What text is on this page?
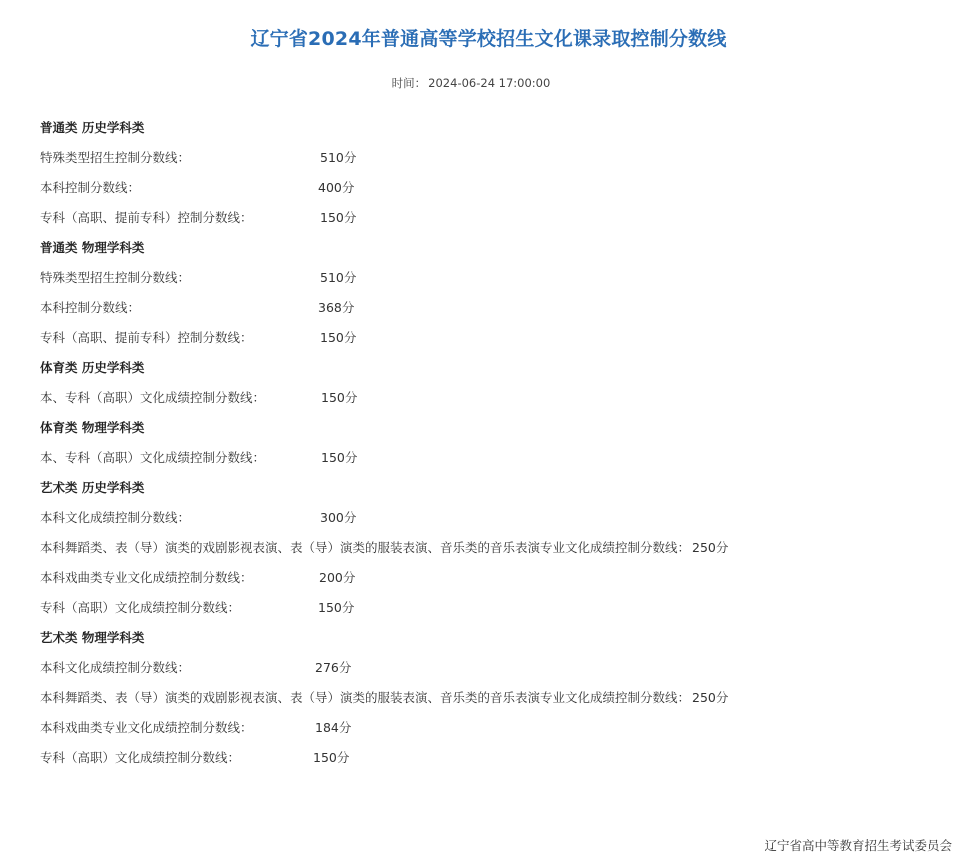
辽宁省2024年普通高等学校招生文化课录取控制分数线
时间： 2024-06-24 17:00:00
普通类 历史学科类
特殊类型招生控制分数线：	510分
本科控制分数线：	400分
专科（高职、提前专科）控制分数线：	150分
普通类 物理学科类
特殊类型招生控制分数线：	510分
本科控制分数线：	368分
专科（高职、提前专科）控制分数线：	150分
体育类 历史学科类
本、专科（高职）文化成绩控制分数线：	150分
体育类 物理学科类
本、专科（高职）文化成绩控制分数线：	150分
艺术类 历史学科类
本科文化成绩控制分数线：	300分
本科舞蹈类、表（导）演类的戏剧影视表演、表（导）演类的服装表演、音乐类的音乐表演专业文化成绩控制分数线： 250分
本科戏曲类专业文化成绩控制分数线：	200分
专科（高职）文化成绩控制分数线：	150分
艺术类 物理学科类
本科文化成绩控制分数线：	276分
本科舞蹈类、表（导）演类的戏剧影视表演、表（导）演类的服装表演、音乐类的音乐表演专业文化成绩控制分数线： 250分
本科戏曲类专业文化成绩控制分数线：	184分
专科（高职）文化成绩控制分数线：	150分
辽宁省高中等教育招生考试委员会
